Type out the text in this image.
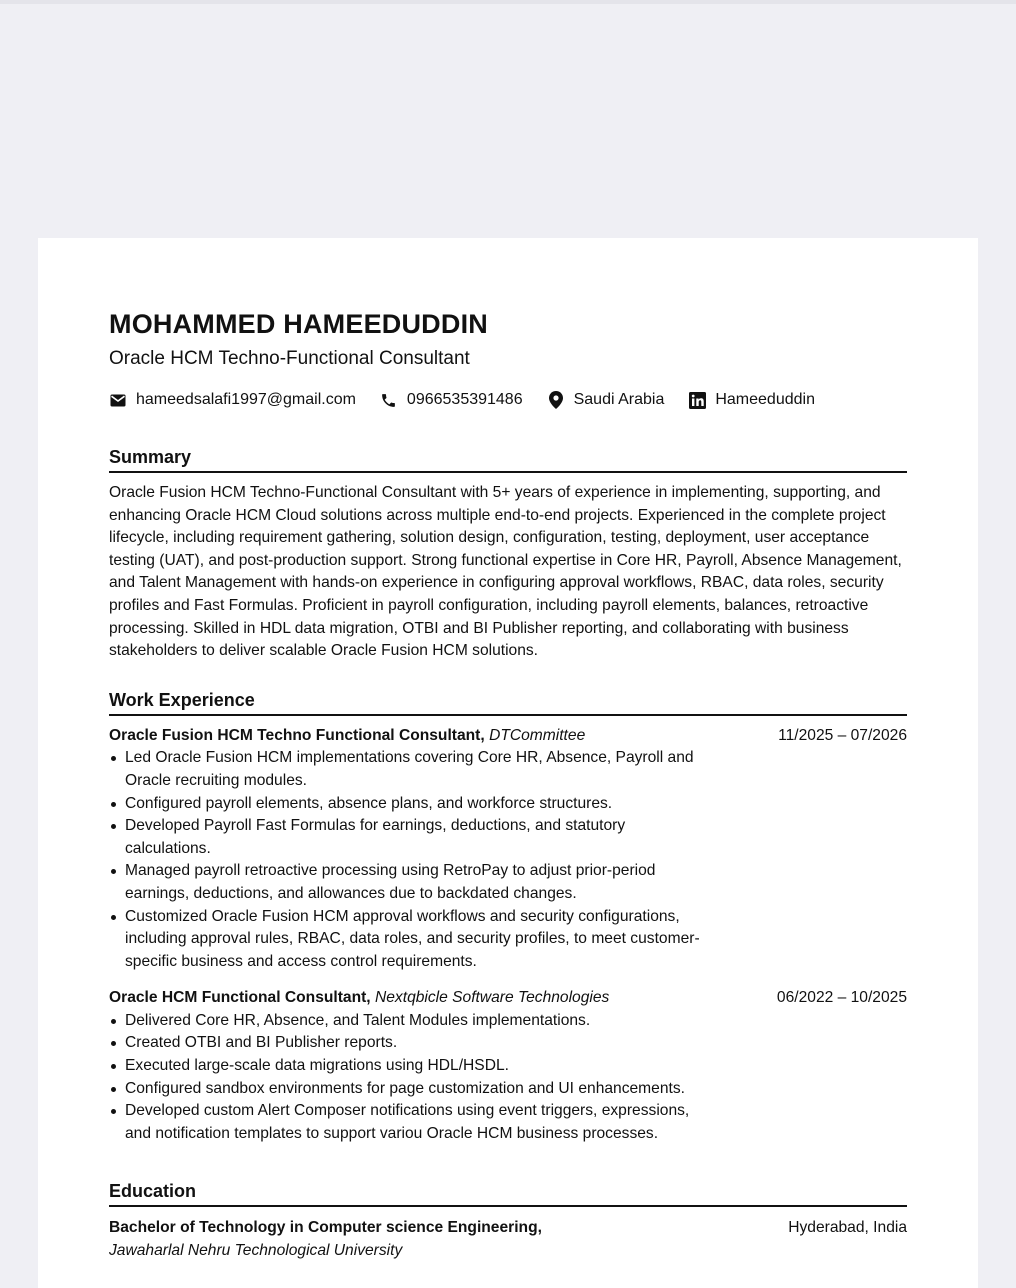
MOHAMMED HAMEEDUDDIN
Oracle HCM Techno-Functional Consultant
hameedsalafi1997@gmail.com	0966535391486	Saudi Arabia	Hameeduddin
Summary
Oracle Fusion HCM Techno-Functional Consultant with 5+ years of experience in implementing, supporting, and enhancing Oracle HCM Cloud solutions across multiple end-to-end projects. Experienced in the complete project lifecycle, including requirement gathering, solution design, configuration, testing, deployment, user acceptance testing (UAT), and post-production support. Strong functional expertise in Core HR, Payroll, Absence Management, and Talent Management with hands-on experience in configuring approval workflows, RBAC, data roles, security profiles and Fast Formulas. Proficient in payroll configuration, including payroll elements, balances, retroactive processing. Skilled in HDL data migration, OTBI and BI Publisher reporting, and collaborating with business stakeholders to deliver scalable Oracle Fusion HCM solutions.
Work Experience
Oracle Fusion HCM Techno Functional Consultant, DTCommittee	11/2025 – 07/2026
Led Oracle Fusion HCM implementations covering Core HR, Absence, Payroll and Oracle recruiting modules.
Configured payroll elements, absence plans, and workforce structures.
Developed Payroll Fast Formulas for earnings, deductions, and statutory calculations.
Managed payroll retroactive processing using RetroPay to adjust prior-period earnings, deductions, and allowances due to backdated changes.
Customized Oracle Fusion HCM approval workflows and security configurations, including approval rules, RBAC, data roles, and security profiles, to meet customer-specific business and access control requirements.
Oracle HCM Functional Consultant, Nextqbicle Software Technologies	06/2022 – 10/2025
Delivered Core HR, Absence, and Talent Modules implementations.
Created OTBI and BI Publisher reports.
Executed large-scale data migrations using HDL/HSDL.
Configured sandbox environments for page customization and UI enhancements.
Developed custom Alert Composer notifications using event triggers, expressions, and notification templates to support variou Oracle HCM business processes.
Education
Bachelor of Technology in Computer science Engineering,	Hyderabad, India
Jawaharlal Nehru Technological University
